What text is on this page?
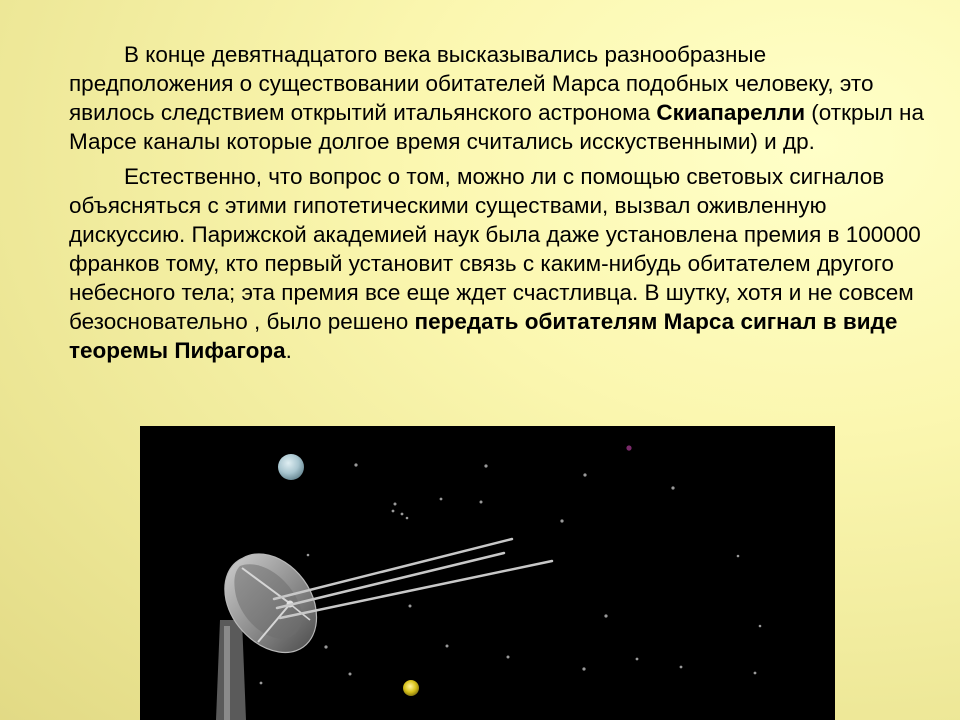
В конце девятнадцатого века высказывались разнообразные предположения о существовании обитателей Марса подобных человеку, это явилось следствием открытий итальянского астронома Скиапарелли (открыл на Марсе каналы которые долгое время считались исскуственными) и др.

Естественно, что вопрос о том, можно ли с помощью световых сигналов объясняться с этими гипотетическими существами, вызвал оживленную дискуссию. Парижской академией наук была даже установлена премия в 100000 франков тому, кто первый установит связь с каким-нибудь обитателем другого небесного тела; эта премия все еще ждет счастливца. В шутку, хотя и не совсем безосновательно , было решено передать обитателям Марса сигнал в виде теоремы Пифагора.
